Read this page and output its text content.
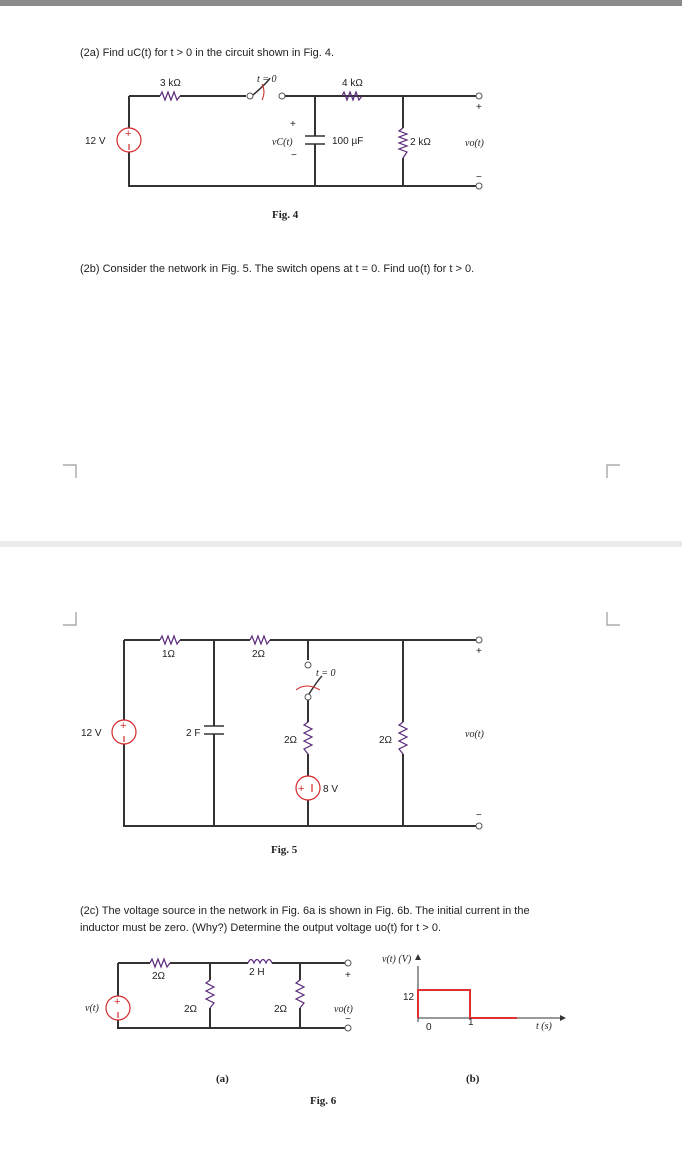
(2a) Find uC(t) for t > 0 in the circuit shown in Fig. 4.
+
3 kΩ	t = 0	4 kΩ
12 V
+
vC(t)
−
100 µF	2 kΩ
+
vo(t)
−
Fig. 4
(2b) Consider the network in Fig. 5. The switch opens at t = 0. Find uo(t) for t > 0.
+
+
1Ω	2Ω
t = 0
12 V	2 F
2Ω	2Ω
8 V
+
vo(t)
−
Fig. 5
(2c) The voltage source in the network in Fig. 6a is shown in Fig. 6b. The initial current in the
inductor must be zero. (Why?) Determine the output voltage uo(t) for t > 0.
+
2Ω	2 H
2Ω	2Ω
v(t)
+
vo(t)
−
(a)
Fig. 6
v(t) (V)
12
0	1	t (s)
(b)
